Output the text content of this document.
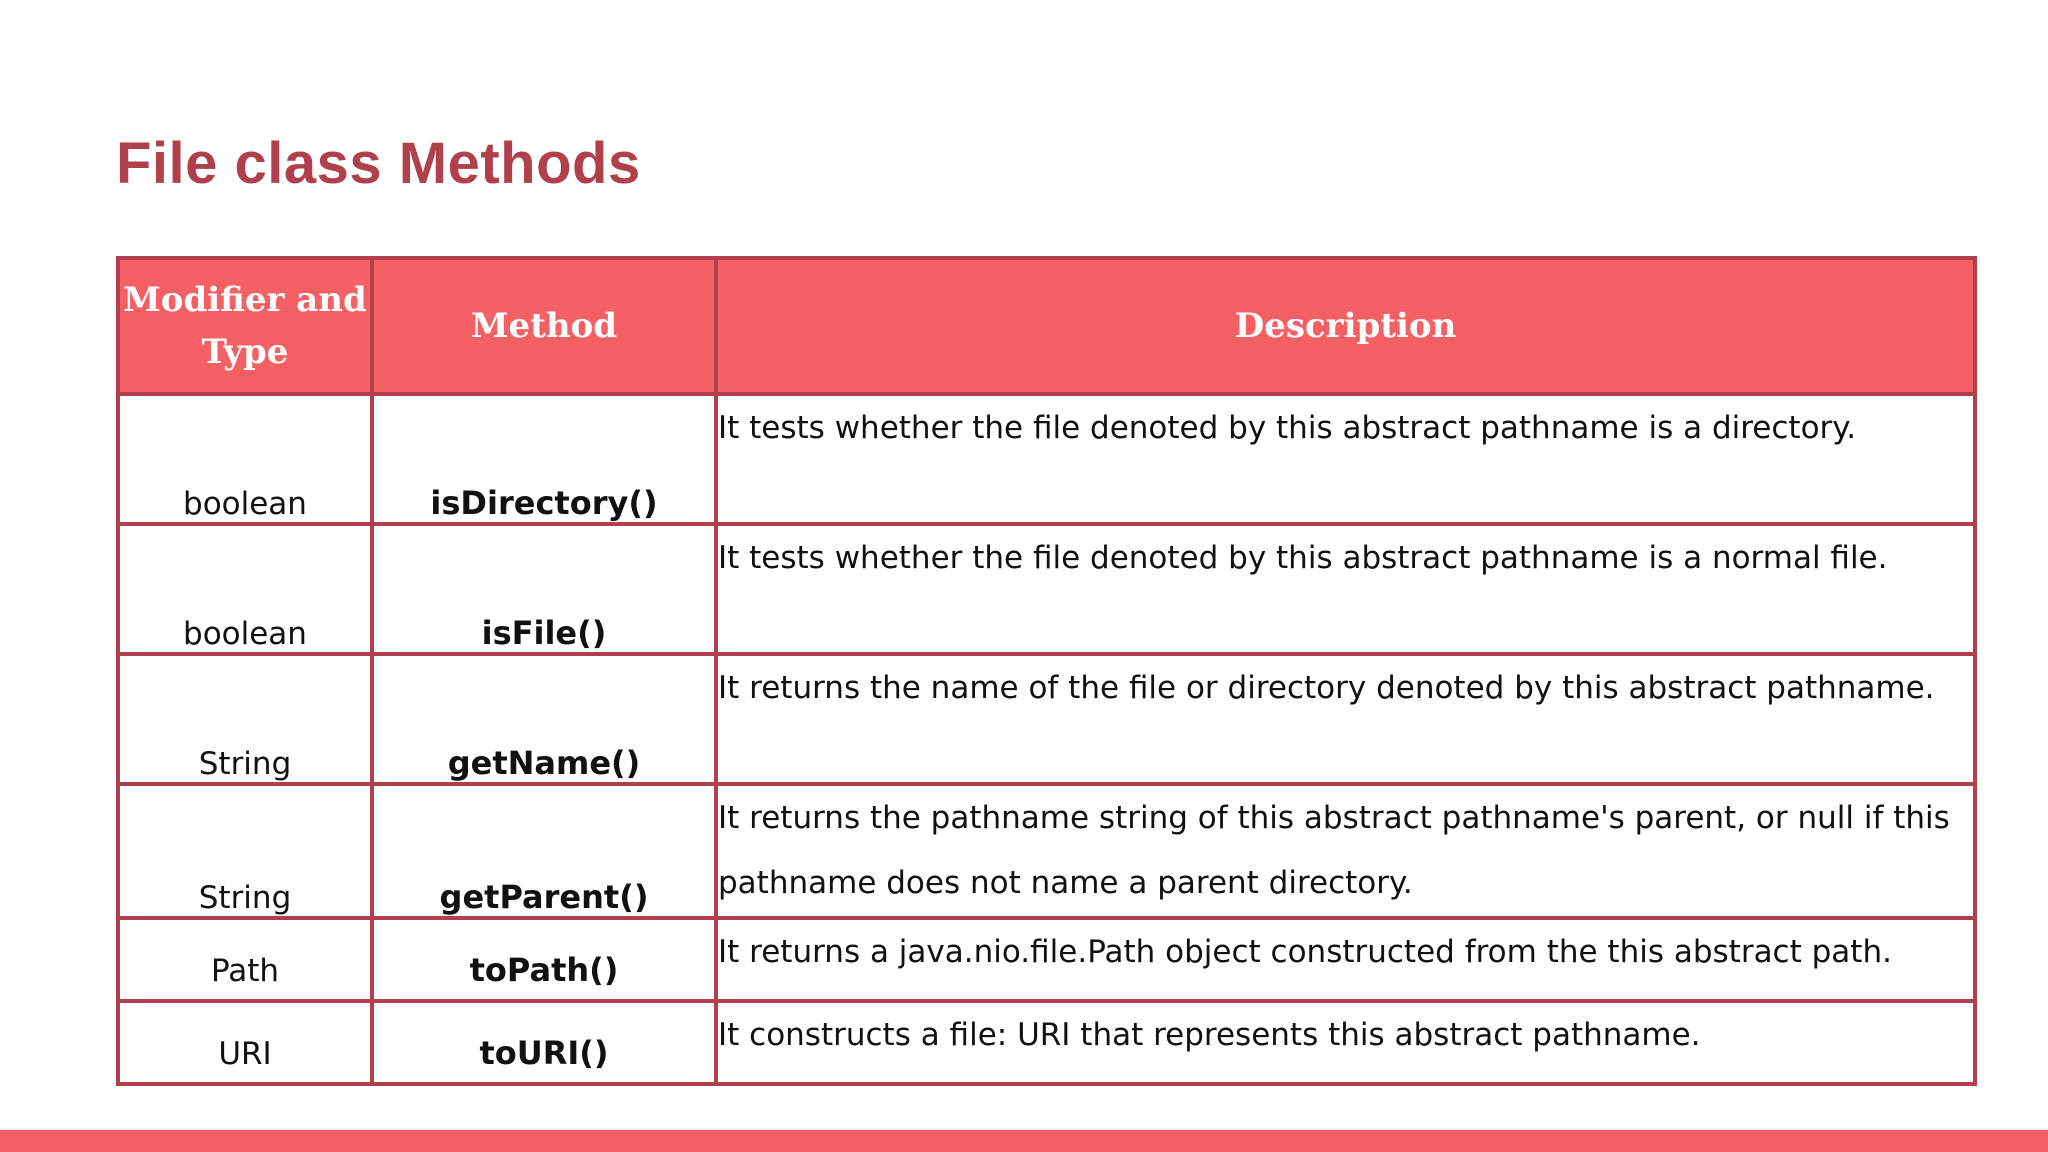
File class Methods
Modifier and Type	Method	Description
boolean	isDirectory()	It tests whether the file denoted by this abstract pathname is a directory.
boolean	isFile()	It tests whether the file denoted by this abstract pathname is a normal file.
String	getName()	It returns the name of the file or directory denoted by this abstract pathname.
String	getParent()	It returns the pathname string of this abstract pathname's parent, or null if this pathname does not name a parent directory.
Path	toPath()	It returns a java.nio.file.Path object constructed from the this abstract path.
URI	toURI()	It constructs a file: URI that represents this abstract pathname.
